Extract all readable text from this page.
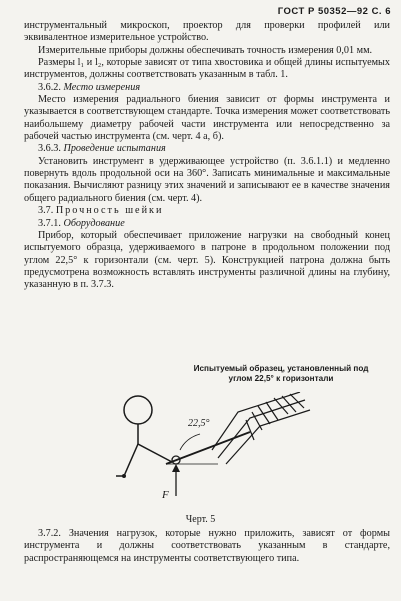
ГОСТ Р 50352—92 С. 6

инструментальный микроскоп, проектор для проверки профилей или эквивалентное измерительное устройство.

Измерительные приборы должны обеспечивать точность измерения 0,01 мм.

Размеры l₁ и l₂, которые зависят от типа хвостовика и общей длины испытуемых инструментов, должны соответствовать указанным в табл. 1.

3.6.2. Место измерения

Место измерения радиального биения зависит от формы инструмента и указывается в соответствующем стандарте. Точка измерения может соответствовать наибольшему диаметру рабочей части инструмента или непосредственно за рабочей частью инструмента (см. черт. 4 а, б).

3.6.3. Проведение испытания

Установить инструмент в удерживающее устройство (п. 3.6.1.1) и медленно повернуть вдоль продольной оси на 360°. Записать минимальные и максимальные показания. Вычисляют разницу этих значений и записывают ее в качестве значения общего радиального биения (см. черт. 4).

3.7. Прочность шейки

3.7.1. Оборудование

Прибор, который обеспечивает приложение нагрузки на свободный конец испытуемого образца, удерживаемого в патроне в продольном положении под углом 22,5° к горизонтали (см. черт. 5). Конструкцией патрона должна быть предусмотрена возможность вставлять инструменты различной длины на глубину, указанную в п. 3.7.3.

Испытуемый образец, установленный под углом 22,5° к горизонтали
22,5°
F
Черт. 5

3.7.2. Значения нагрузок, которые нужно приложить, зависят от формы инструмента и должны соответствовать указанным в стандарте, распространяющемся на инструменты соответствующего типа.
